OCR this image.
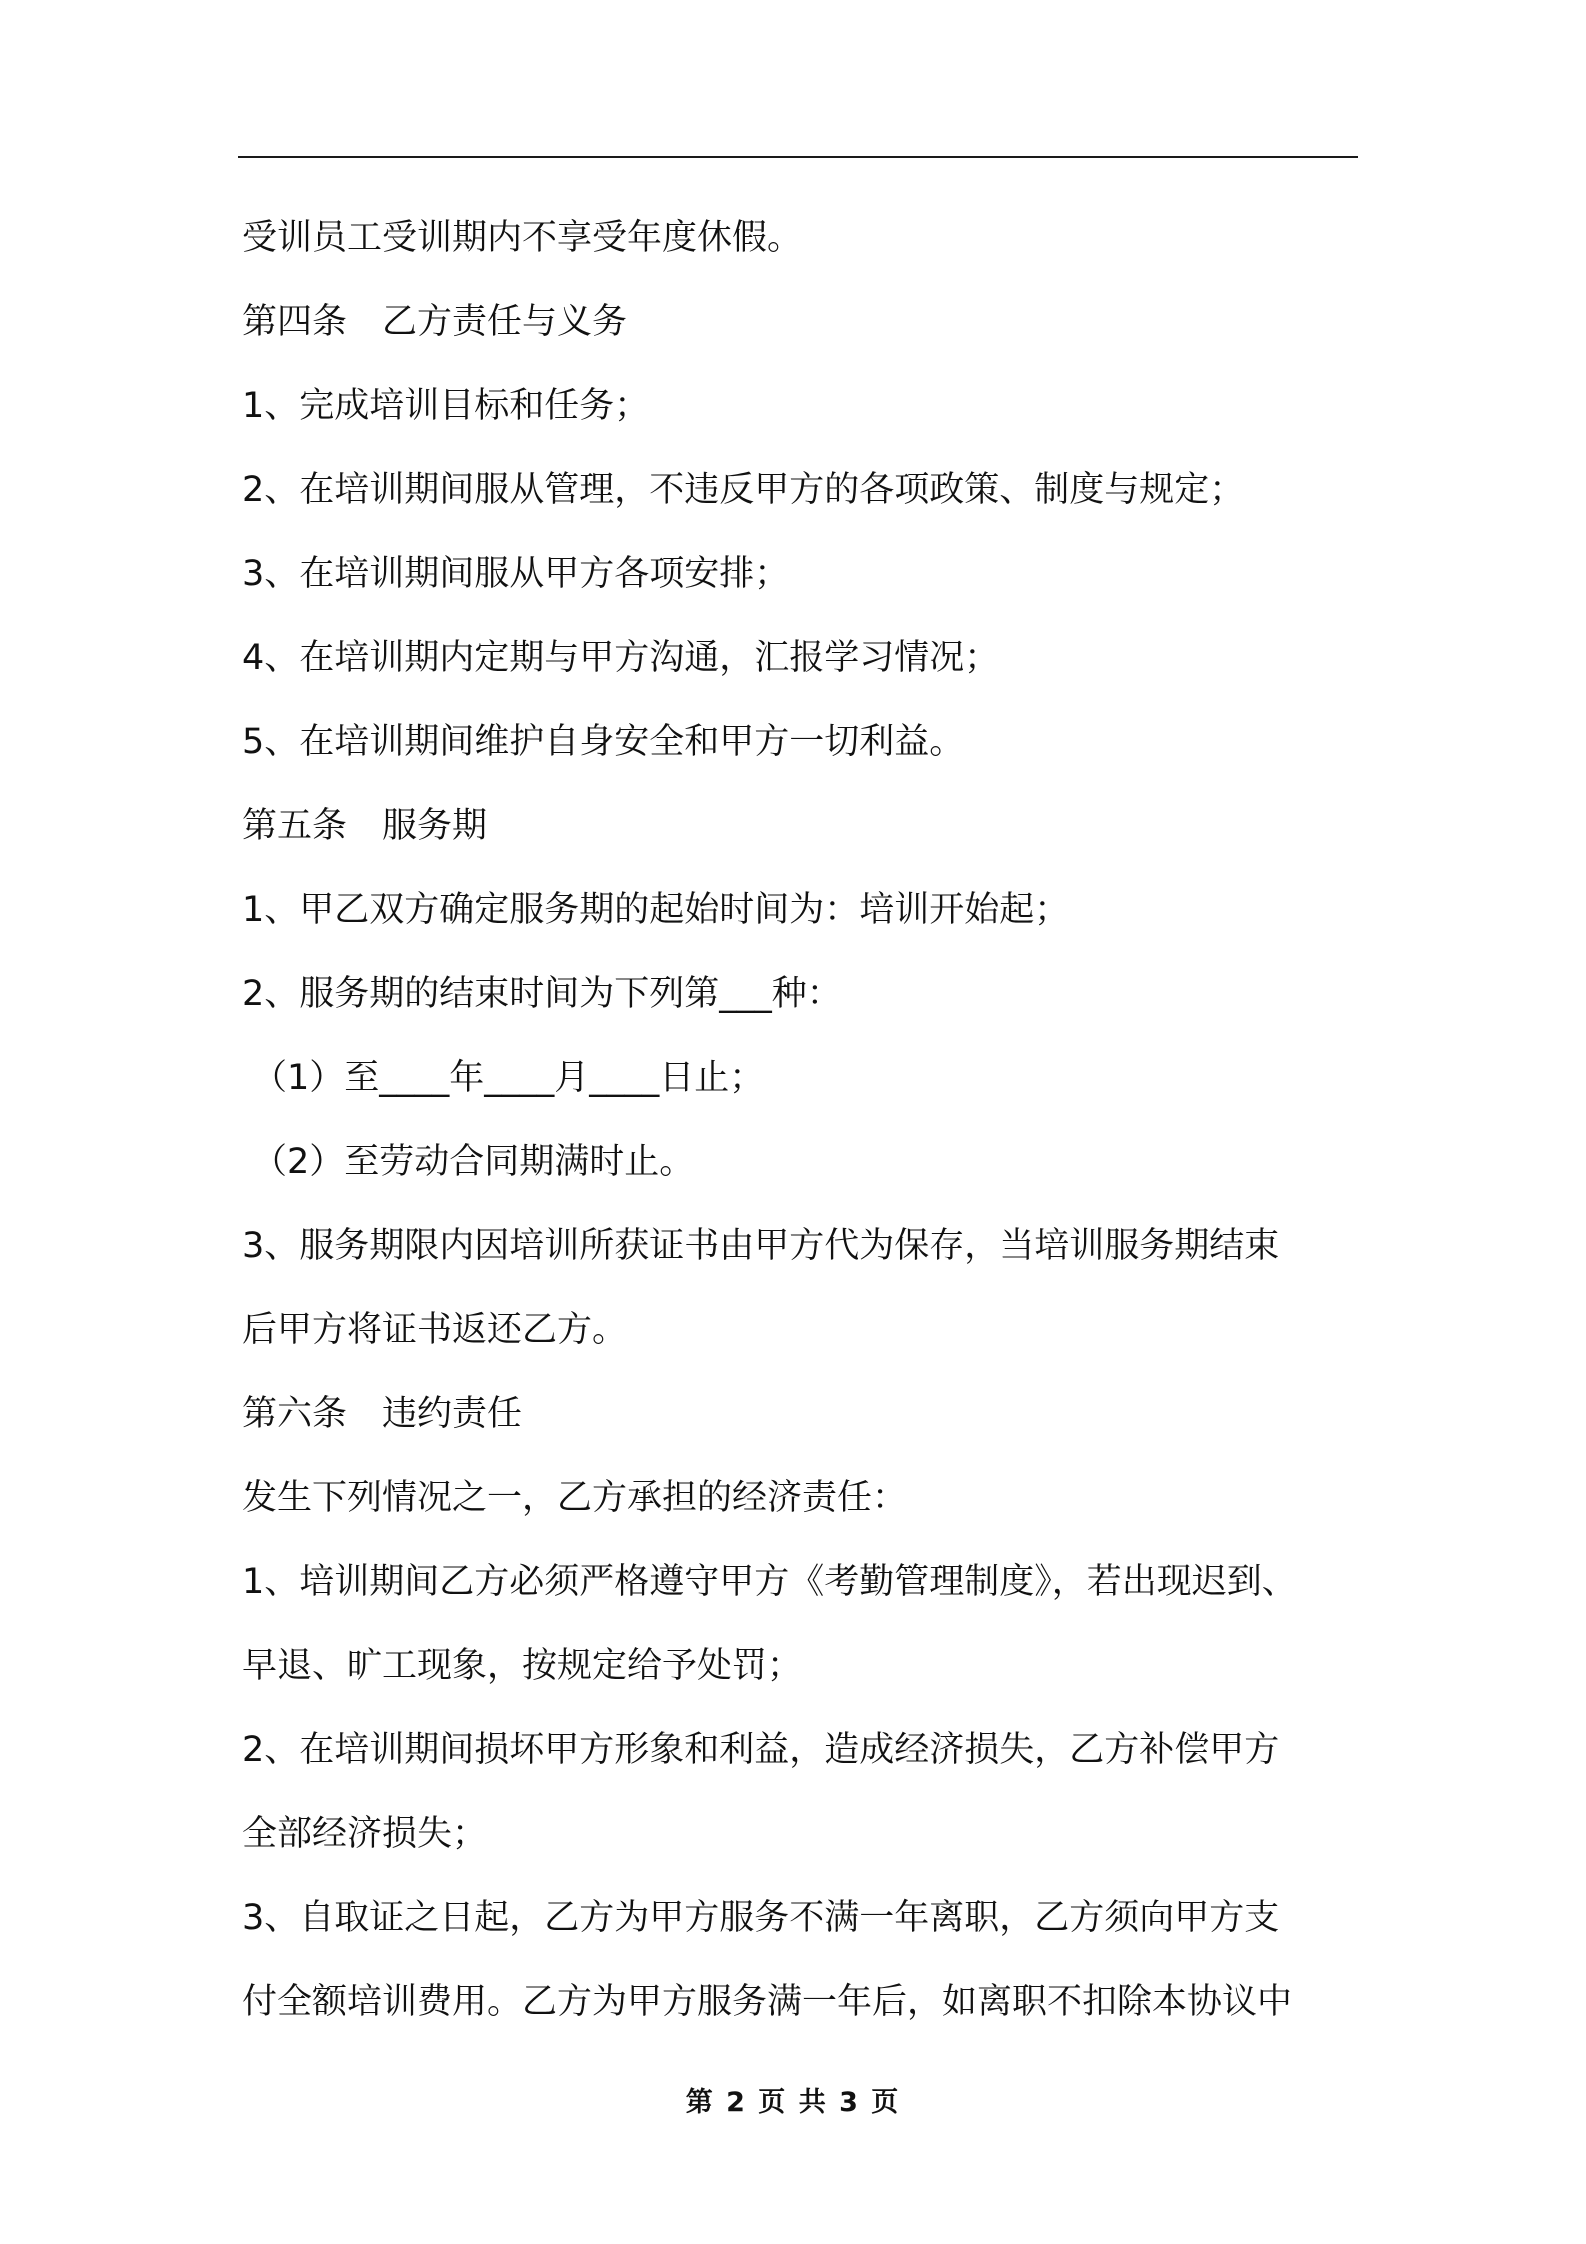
受训员工受训期内不享受年度休假。

第四条　乙方责任与义务

1、完成培训目标和任务；

2、在培训期间服从管理，不违反甲方的各项政策、制度与规定；

3、在培训期间服从甲方各项安排；

4、在培训期内定期与甲方沟通，汇报学习情况；

5、在培训期间维护自身安全和甲方一切利益。

第五条　服务期

1、甲乙双方确定服务期的起始时间为：培训开始起；

2、服务期的结束时间为下列第___种：

（1）至____年____月____日止；

（2）至劳动合同期满时止。

3、服务期限内因培训所获证书由甲方代为保存，当培训服务期结束

后甲方将证书返还乙方。

第六条　违约责任

发生下列情况之一，乙方承担的经济责任：

1、培训期间乙方必须严格遵守甲方《考勤管理制度》，若出现迟到、

早退、旷工现象，按规定给予处罚；

2、在培训期间损坏甲方形象和利益，造成经济损失，乙方补偿甲方

全部经济损失；

3、自取证之日起，乙方为甲方服务不满一年离职，乙方须向甲方支

付全额培训费用。乙方为甲方服务满一年后，如离职不扣除本协议中

第 2 页 共 3 页
